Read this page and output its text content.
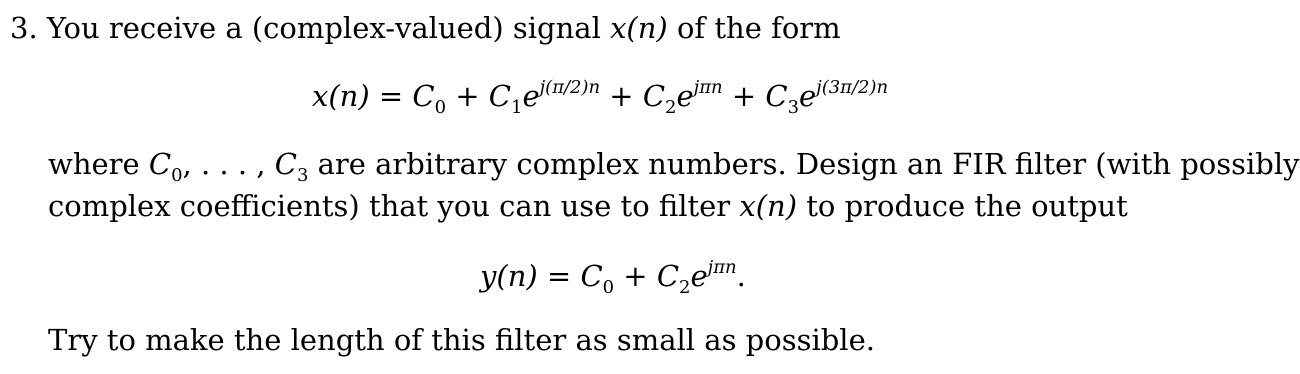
3. You receive a (complex-valued) signal x(n) of the form
$x(n) = C_0 + C_1e^{j(\pi/2)n} + C_2e^{j\pi n} + C_3e^{j(3\pi/2)n}$
where $C_0$, . . . , $C_3$ are arbitrary complex numbers. Design an FIR filter (with possibly
complex coefficients) that you can use to filter x(n) to produce the output
$y(n) = C_0 + C_2e^{j\pi n}$.
Try to make the length of this filter as small as possible.
